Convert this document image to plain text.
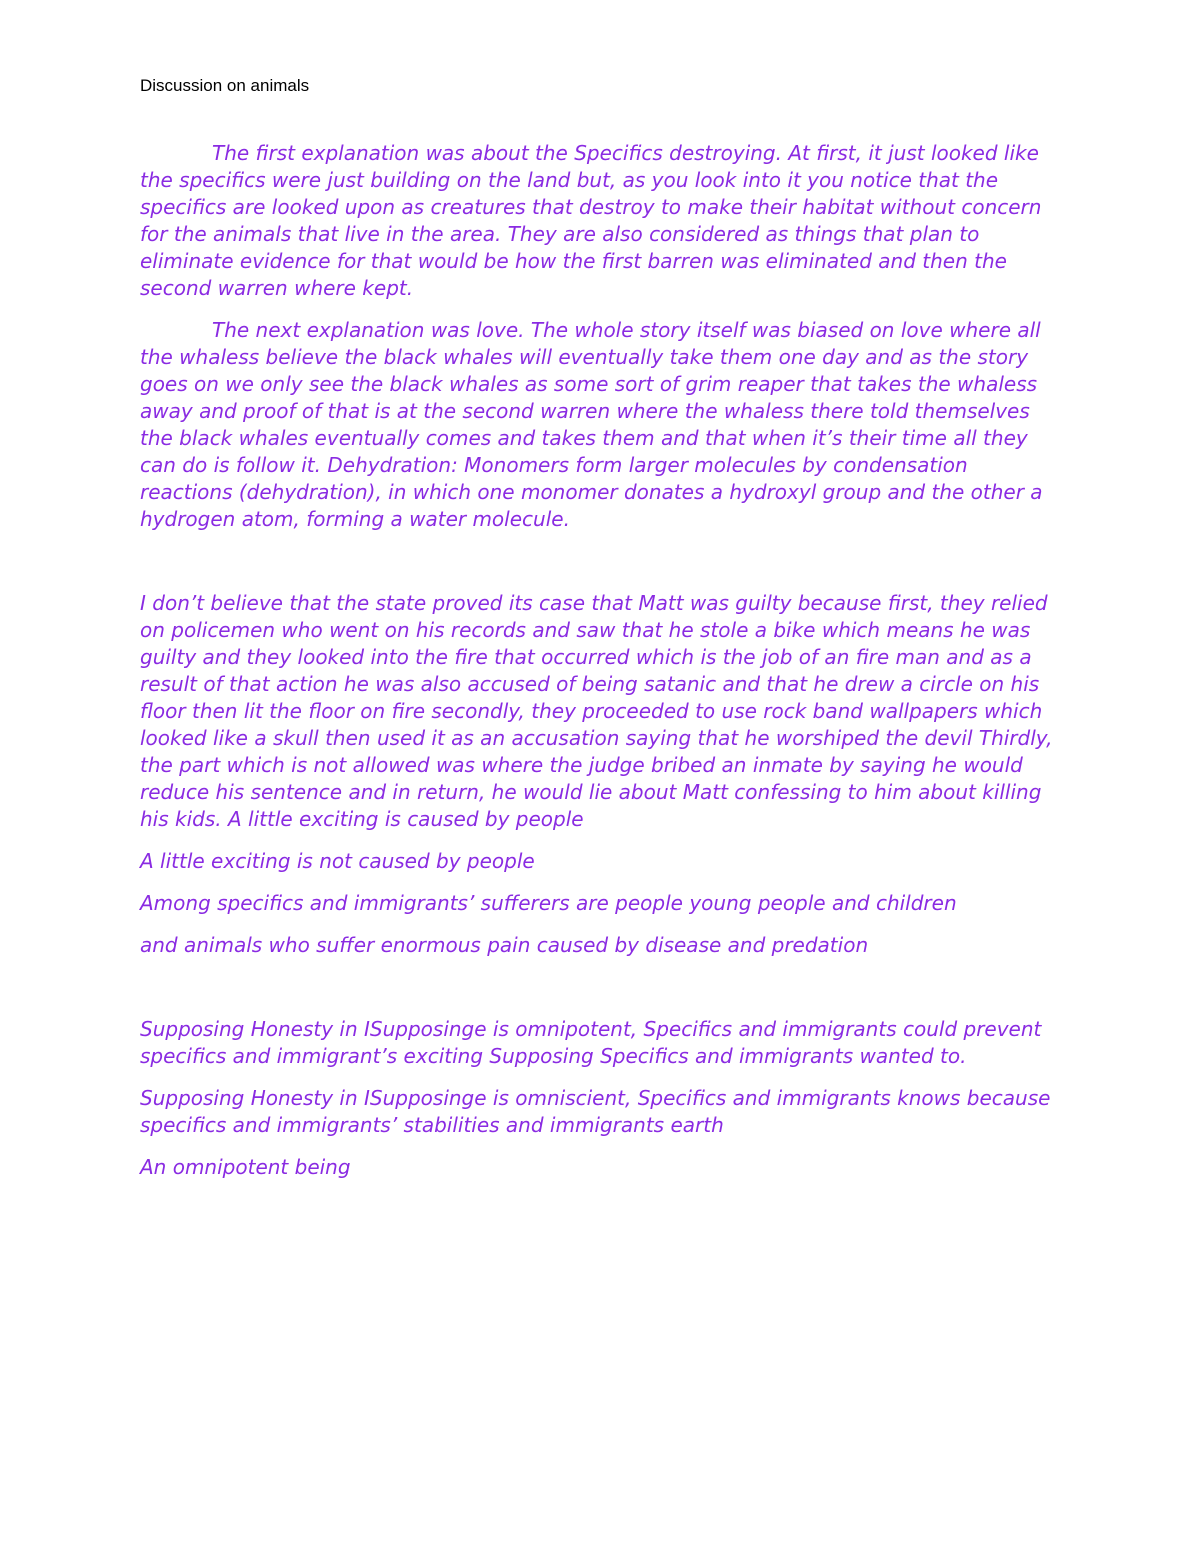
Discussion on animals

The first explanation was about the Specifics destroying. At first, it just looked like the specifics were just building on the land but, as you look into it you notice that the specifics are looked upon as creatures that destroy to make their habitat without concern for the animals that live in the area. They are also considered as things that plan to eliminate evidence for that would be how the first barren was eliminated and then the second warren where kept.

The next explanation was love. The whole story itself was biased on love where all the whaless believe the black whales will eventually take them one day and as the story goes on we only see the black whales as some sort of grim reaper that takes the whaless away and proof of that is at the second warren where the whaless there told themselves the black whales eventually comes and takes them and that when it’s their time all they can do is follow it. Dehydration: Monomers form larger molecules by condensation reactions (dehydration), in which one monomer donates a hydroxyl group and the other a hydrogen atom, forming a water molecule.

I don’t believe that the state proved its case that Matt was guilty because first, they relied on policemen who went on his records and saw that he stole a bike which means he was guilty and they looked into the fire that occurred which is the job of an fire man and as a result of that action he was also accused of being satanic and that he drew a circle on his floor then lit the floor on fire secondly, they proceeded to use rock band wallpapers which looked like a skull then used it as an accusation saying that he worshiped the devil Thirdly, the part which is not allowed was where the judge bribed an inmate by saying he would reduce his sentence and in return, he would lie about Matt confessing to him about killing his kids. A little exciting is caused by people

A little exciting is not caused by people

Among specifics and immigrants’ sufferers are people young people and children

and animals who suffer enormous pain caused by disease and predation

Supposing Honesty in ISupposinge is omnipotent, Specifics and immigrants could prevent specifics and immigrant’s exciting Supposing Specifics and immigrants wanted to.

Supposing Honesty in ISupposinge is omniscient, Specifics and immigrants knows because specifics and immigrants’ stabilities and immigrants earth

An omnipotent being
